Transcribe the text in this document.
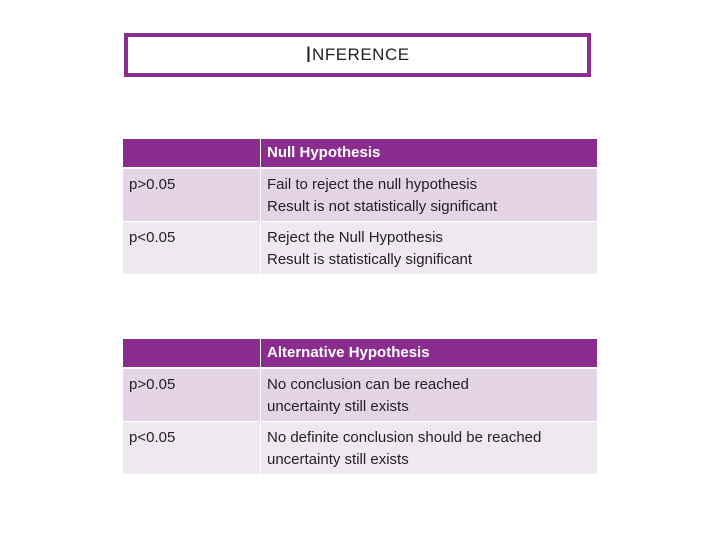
I NFERENCE
	Null Hypothesis
p>0.05	Fail to reject the null hypothesis
Result is not statistically significant

p<0.05	Reject the Null Hypothesis
Result is statistically significant
	Alternative Hypothesis
p>0.05	No conclusion can be reached
uncertainty still exists

p<0.05	No definite conclusion should be reached
uncertainty still exists
